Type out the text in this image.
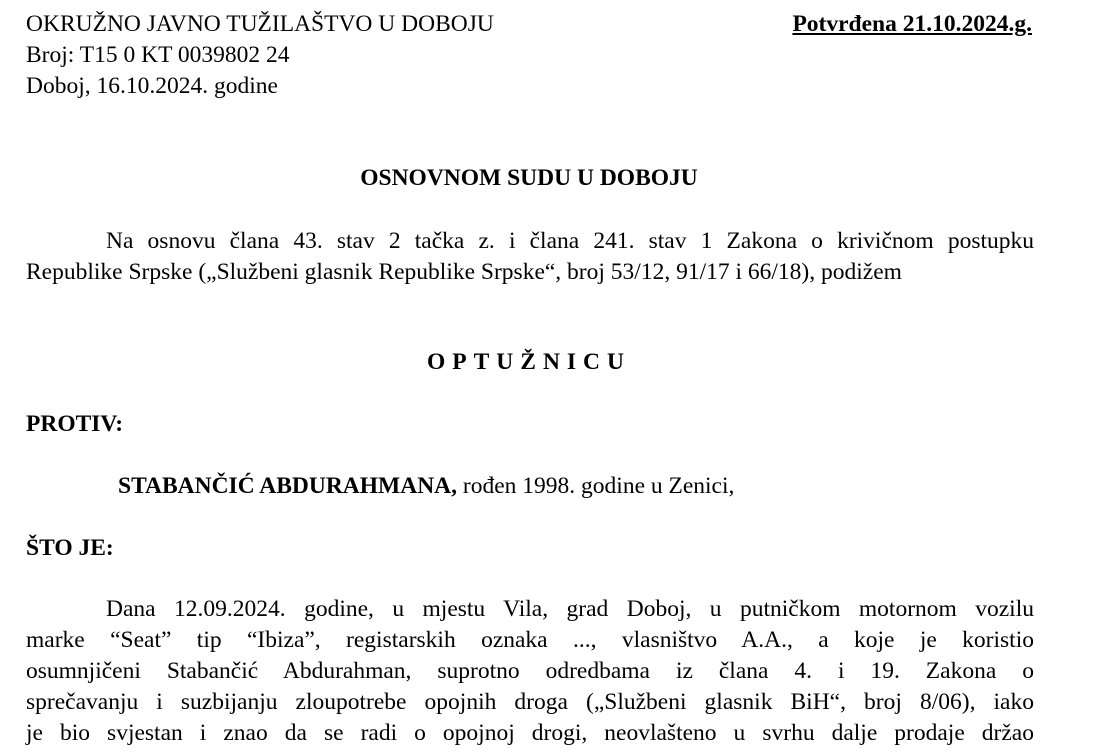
OKRUŽNO JAVNO TUŽILAŠTVO U DOBOJU
Broj: T15 0 KT 0039802 24
Doboj, 16.10.2024. godine
Potvrđena 21.10.2024.g.
OSNOVNOM SUDU U DOBOJU
Na osnovu člana 43. stav 2 tačka z. i člana 241. stav 1 Zakona o krivičnom postupku
Republike Srpske („Službeni glasnik Republike Srpske“, broj 53/12, 91/17 i 66/18), podižem
OPTUŽNICU
PROTIV:
STABANČIĆ ABDURAHMANA, rođen 1998. godine u Zenici,
ŠTO JE:
Dana 12.09.2024. godine, u mjestu Vila, grad Doboj, u putničkom motornom vozilu
marke “Seat” tip “Ibiza”, registarskih oznaka ..., vlasništvo A.A., a koje je koristio
osumnjičeni Stabančić Abdurahman, suprotno odredbama iz člana 4. i 19. Zakona o
sprečavanju i suzbijanju zloupotrebe opojnih droga („Službeni glasnik BiH“, broj 8/06), iako
je bio svjestan i znao da se radi o opojnoj drogi, neovlašteno u svrhu dalje prodaje držao
